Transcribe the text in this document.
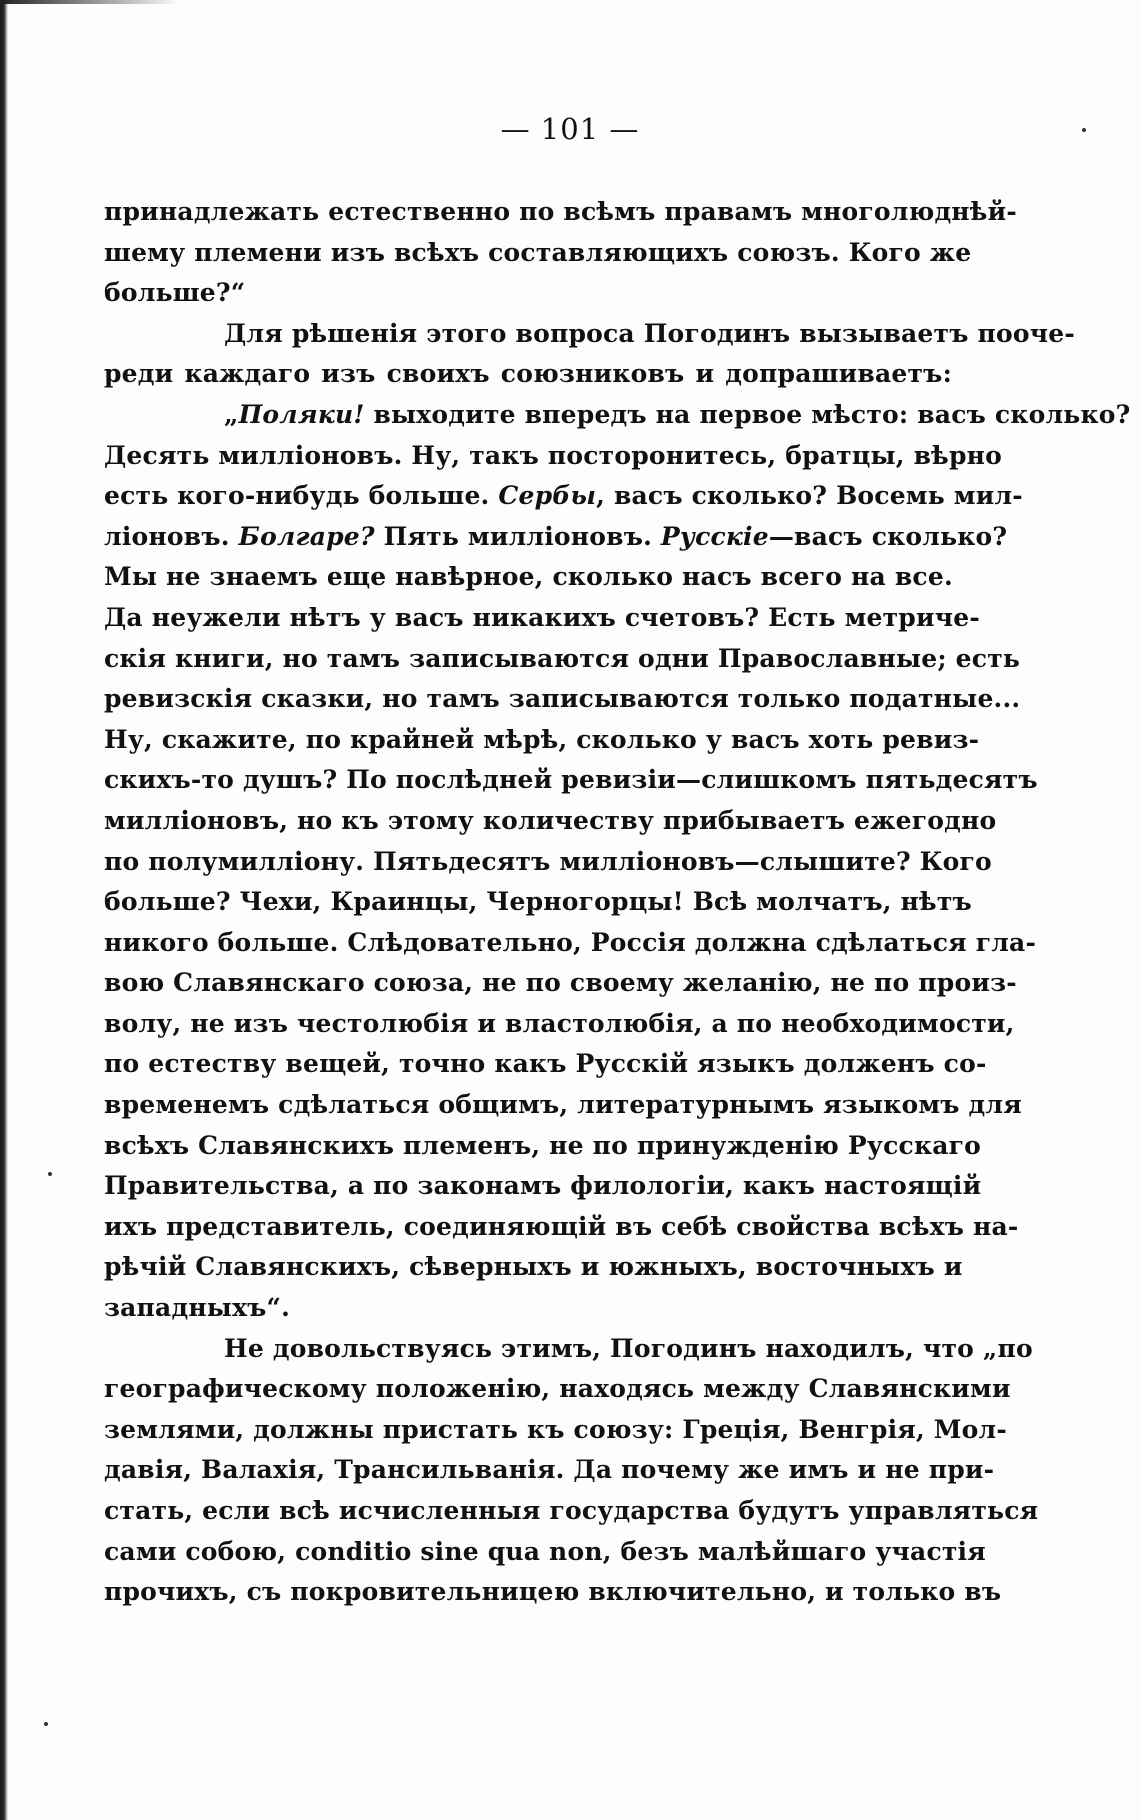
— 101 —
принадлежать естественно по всѣмъ правамъ многолюднѣй-
шему племени изъ всѣхъ составляющихъ союзъ. Кого же
больше?“
Для рѣшенія этого вопроса Погодинъ вызываетъ пооче-
реди каждаго изъ своихъ союзниковъ и допрашиваетъ:
„Поляки! выходите впередъ на первое мѣсто: васъ сколько?
Десять милліоновъ. Ну, такъ посторонитесь, братцы, вѣрно
есть кого-нибудь больше. Сербы, васъ сколько? Восемь мил-
ліоновъ. Болгаре? Пять милліоновъ. Русскіе—васъ сколько?
Мы не знаемъ еще навѣрное, сколько насъ всего на все.
Да неужели нѣтъ у васъ никакихъ счетовъ? Есть метриче-
скія книги, но тамъ записываются одни Православные; есть
ревизскія сказки, но тамъ записываются только податные...
Ну, скажите, по крайней мѣрѣ, сколько у васъ хоть ревиз-
скихъ-то душъ? По послѣдней ревизіи—слишкомъ пятьдесятъ
милліоновъ, но къ этому количеству прибываетъ ежегодно
по полумилліону. Пятьдесятъ милліоновъ—слышите? Кого
больше? Чехи, Краинцы, Черногорцы! Всѣ молчатъ, нѣтъ
никого больше. Слѣдовательно, Россія должна сдѣлаться гла-
вою Славянскаго союза, не по своему желанію, не по произ-
волу, не изъ честолюбія и властолюбія, а по необходимости,
по естеству вещей, точно какъ Русскій языкъ долженъ со-
временемъ сдѣлаться общимъ, литературнымъ языкомъ для
всѣхъ Славянскихъ племенъ, не по принужденію Русскаго
Правительства, а по законамъ филологіи, какъ настоящій
ихъ представитель, соединяющій въ себѣ свойства всѣхъ на-
рѣчій Славянскихъ, сѣверныхъ и южныхъ, восточныхъ и
западныхъ“.
Не довольствуясь этимъ, Погодинъ находилъ, что „по
географическому положенію, находясь между Славянскими
землями, должны пристать къ союзу: Греція, Венгрія, Мол-
давія, Валахія, Трансильванія. Да почему же имъ и не при-
стать, если всѣ исчисленныя государства будутъ управляться
сами собою, conditio sine qua non, безъ малѣйшаго участія
прочихъ, съ покровительницею включительно, и только въ
